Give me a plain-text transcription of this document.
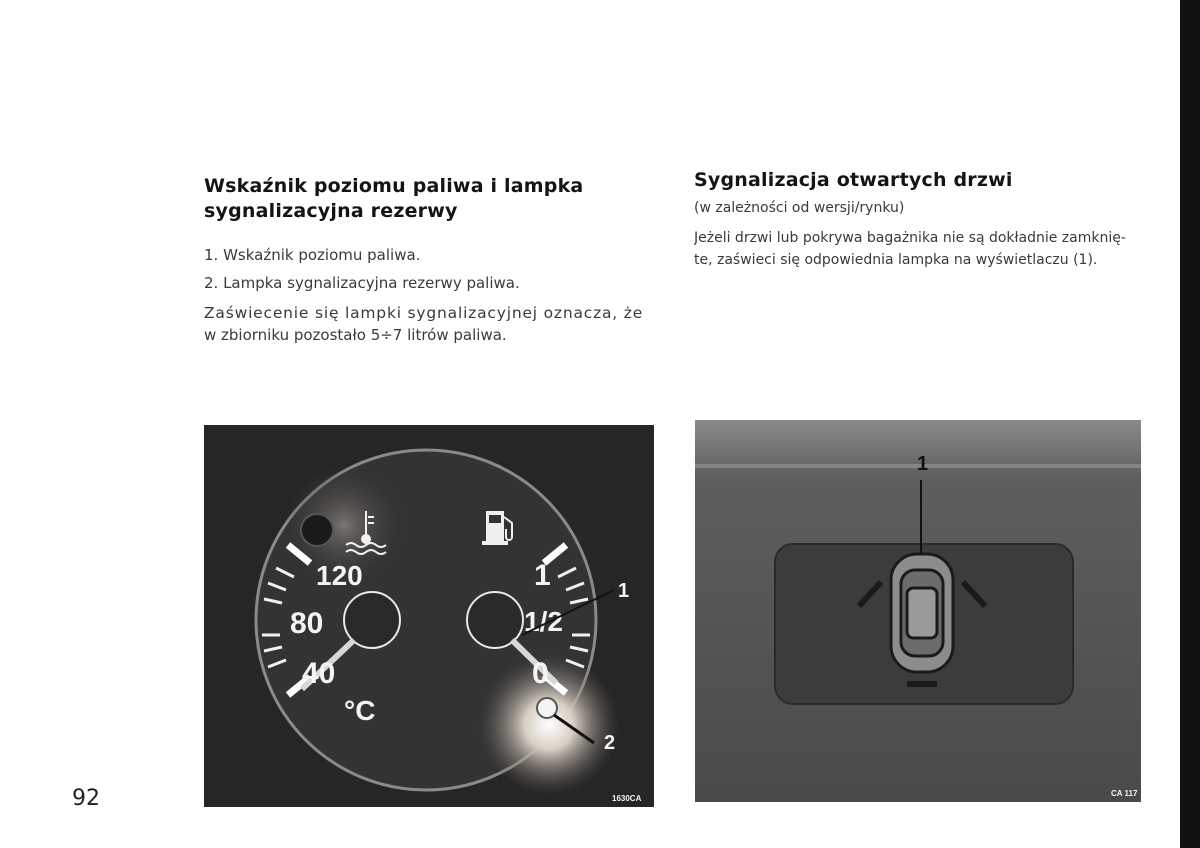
Wskaźnik poziomu paliwa i lampka

sygnalizacyjna rezerwy

1. Wskaźnik poziomu paliwa.

2. Lampka sygnalizacyjna rezerwy paliwa.

Zaświecenie się lampki sygnalizacyjnej oznacza, że

w zbiorniku pozostało 5÷7 litrów paliwa.

Sygnalizacja otwartych drzwi

(w zależności od wersji/rynku)

Jeżeli drzwi lub pokrywa bagażnika nie są dokładnie zamknię-

te, zaświeci się odpowiednia lampka na wyświetlaczu (1).

120
80
40
°C
1
1/2
0
1
2
1630CA
1
CA 117
92
